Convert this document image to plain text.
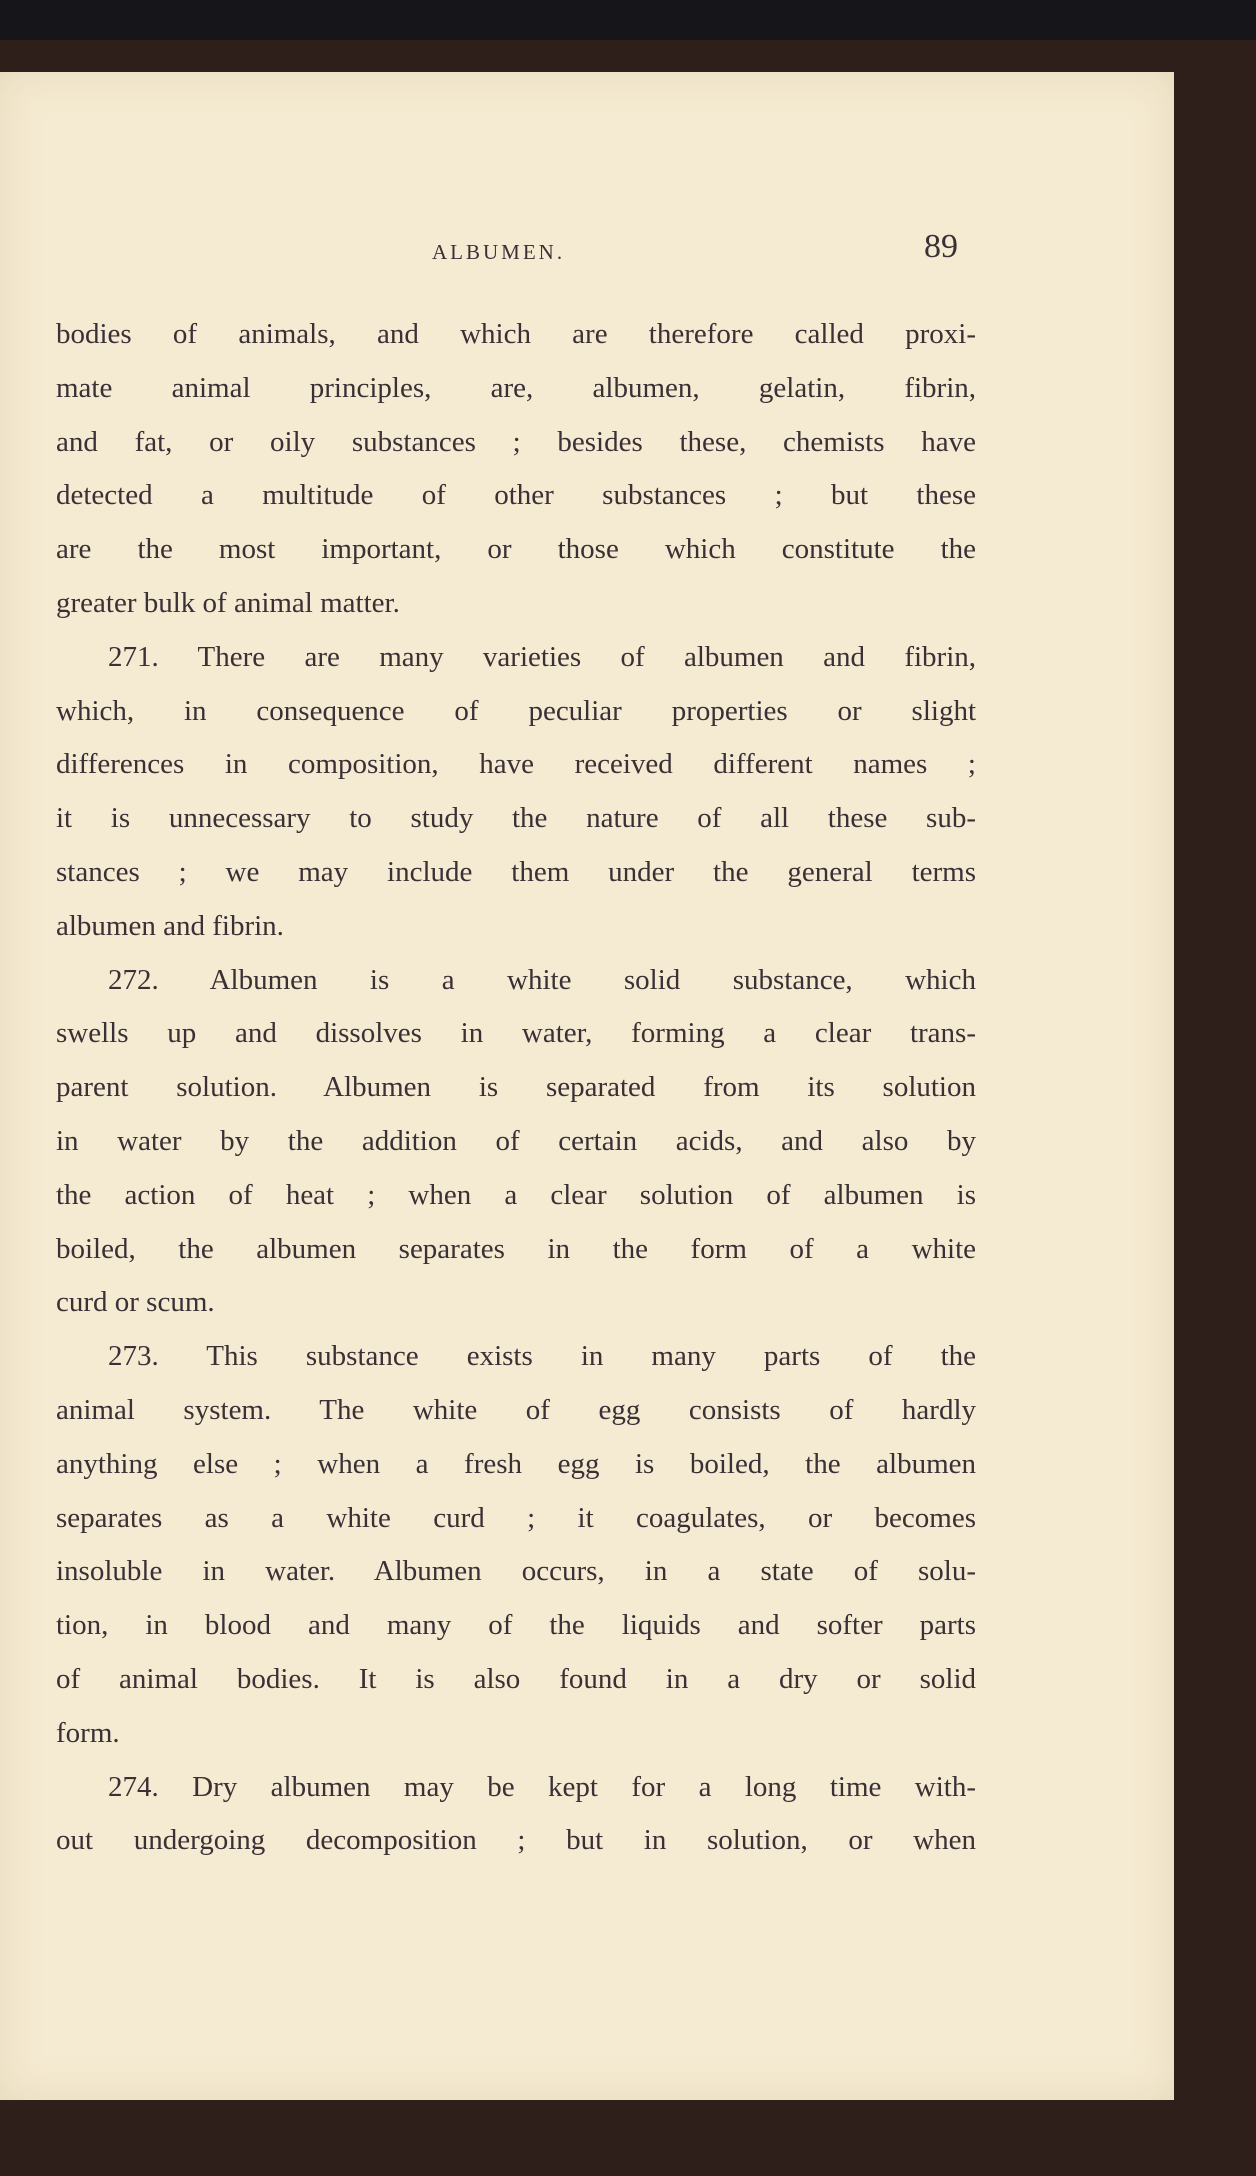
ALBUMEN.	89
bodies of animals, and which are therefore called proxi-
mate animal principles, are, albumen, gelatin, fibrin,
and fat, or oily substances ; besides these, chemists have
detected a multitude of other substances ; but these
are the most important, or those which constitute the
greater bulk of animal matter.
271. There are many varieties of albumen and fibrin,
which, in consequence of peculiar properties or slight
differences in composition, have received different names ;
it is unnecessary to study the nature of all these sub-
stances ; we may include them under the general terms
albumen and fibrin.
272. Albumen is a white solid substance, which
swells up and dissolves in water, forming a clear trans-
parent solution. Albumen is separated from its solution
in water by the addition of certain acids, and also by
the action of heat ; when a clear solution of albumen is
boiled, the albumen separates in the form of a white
curd or scum.
273. This substance exists in many parts of the
animal system. The white of egg consists of hardly
anything else ; when a fresh egg is boiled, the albumen
separates as a white curd ; it coagulates, or becomes
insoluble in water. Albumen occurs, in a state of solu-
tion, in blood and many of the liquids and softer parts
of animal bodies. It is also found in a dry or solid
form.
274. Dry albumen may be kept for a long time with-
out undergoing decomposition ; but in solution, or when
